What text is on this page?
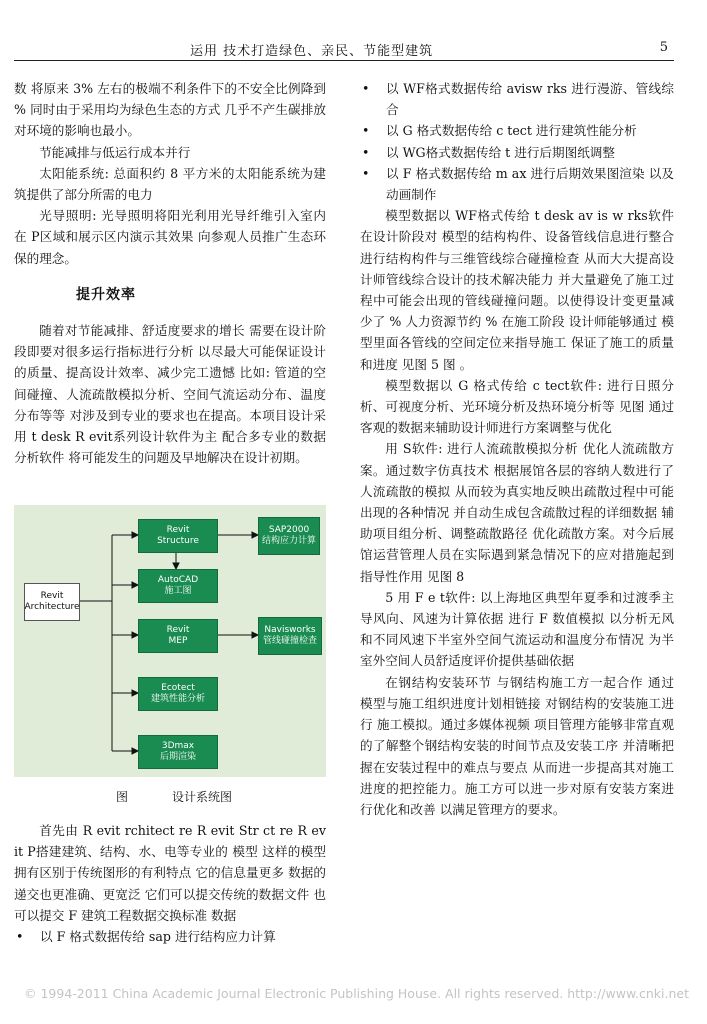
运用 技术打造绿色、亲民、节能型建筑	5

数 将原来 3% 左右的极端不利条件下的不安全比例降到 % 同时由于采用均为绿色生态的方式 几乎不产生碳排放 对环境的影响也最小。

节能减排与低运行成本并行

太阳能系统: 总面积约 8 平方米的太阳能系统为建筑提供了部分所需的电力

光导照明: 光导照明将阳光利用光导纤维引入室内 在 P区域和展示区内演示其效果 向参观人员推广生态环保的理念。

提升效率

随着对节能减排、舒适度要求的增长 需要在设计阶段即要对很多运行指标进行分析 以尽最大可能保证设计的质量、提高设计效率、减少完工遗憾 比如: 管道的空间碰撞、人流疏散模拟分析、空间气流运动分布、温度分布等等 对涉及到专业的要求也在提高。本项目设计采用 t desk R evit系列设计软件为主 配合多专业的数据分析软件 将可能发生的问题及早地解决在设计初期。

Revit
Architecture
Revit
Structure
SAP2000
结构应力计算
AutoCAD
施工图
Revit
MEP
Navisworks
管线碰撞检查
Ecotect
建筑性能分析
3Dmax
后期渲染
图	设计系统图

首先由 R evit rchitect re R evit Str ct re R ev it P搭建建筑、结构、水、电等专业的 模型 这样的模型拥有区别于传统图形的有利特点 它的信息量更多 数据的递交也更准确、更宽泛 它们可以提交传统的数据文件 也可以提交 F 建筑工程数据交换标准 数据

• 以 F 格式数据传给 sap 进行结构应力计算

• 以 WF格式数据传给 avisw rks 进行漫游、管线综合

• 以 G 格式数据传给 c tect 进行建筑性能分析

• 以 WG格式数据传给 t 进行后期图纸调整

• 以 F 格式数据传给 m ax 进行后期效果图渲染 以及动画制作

模型数据以 WF格式传给 t desk av is w rks软件 在设计阶段对 模型的结构构件、设备管线信息进行整合 进行结构构件与三维管线综合碰撞检查 从而大大提高设计师管线综合设计的技术解决能力 并大量避免了施工过程中可能会出现的管线碰撞问题。以使得设计变更量减少了 % 人力资源节约 % 在施工阶段 设计师能够通过 模型里面各管线的空间定位来指导施工 保证了施工的质量和进度 见图 5 图 。

模型数据以 G 格式传给 c tect软件: 进行日照分析、可视度分析、光环境分析及热环境分析等 见图 通过客观的数据来辅助设计师进行方案调整与优化

用 S软件: 进行人流疏散模拟分析 优化人流疏散方案。通过数字仿真技术 根据展馆各层的容纳人数进行了人流疏散的模拟 从而较为真实地反映出疏散过程中可能出现的各种情况 并自动生成包含疏散过程的详细数据 辅助项目组分析、调整疏散路径 优化疏散方案。对今后展馆运营管理人员在实际遇到紧急情况下的应对措施起到指导性作用 见图 8

5 用 F e t软件: 以上海地区典型年夏季和过渡季主导风向、风速为计算依据 进行 F 数值模拟 以分析无风和不同风速下半室外空间气流运动和温度分布情况 为半室外空间人员舒适度评价提供基础依据

在钢结构安装环节 与钢结构施工方一起合作 通过 模型与施工组织进度计划相链接 对钢结构的安装施工进行 施工模拟。通过多媒体视频 项目管理方能够非常直观的了解整个钢结构安装的时间节点及安装工序 并清晰把握在安装过程中的难点与要点 从而进一步提高其对施工进度的把控能力。施工方可以进一步对原有安装方案进行优化和改善 以满足管理方的要求。

© 1994-2011 China Academic Journal Electronic Publishing House. All rights reserved. http://www.cnki.net
